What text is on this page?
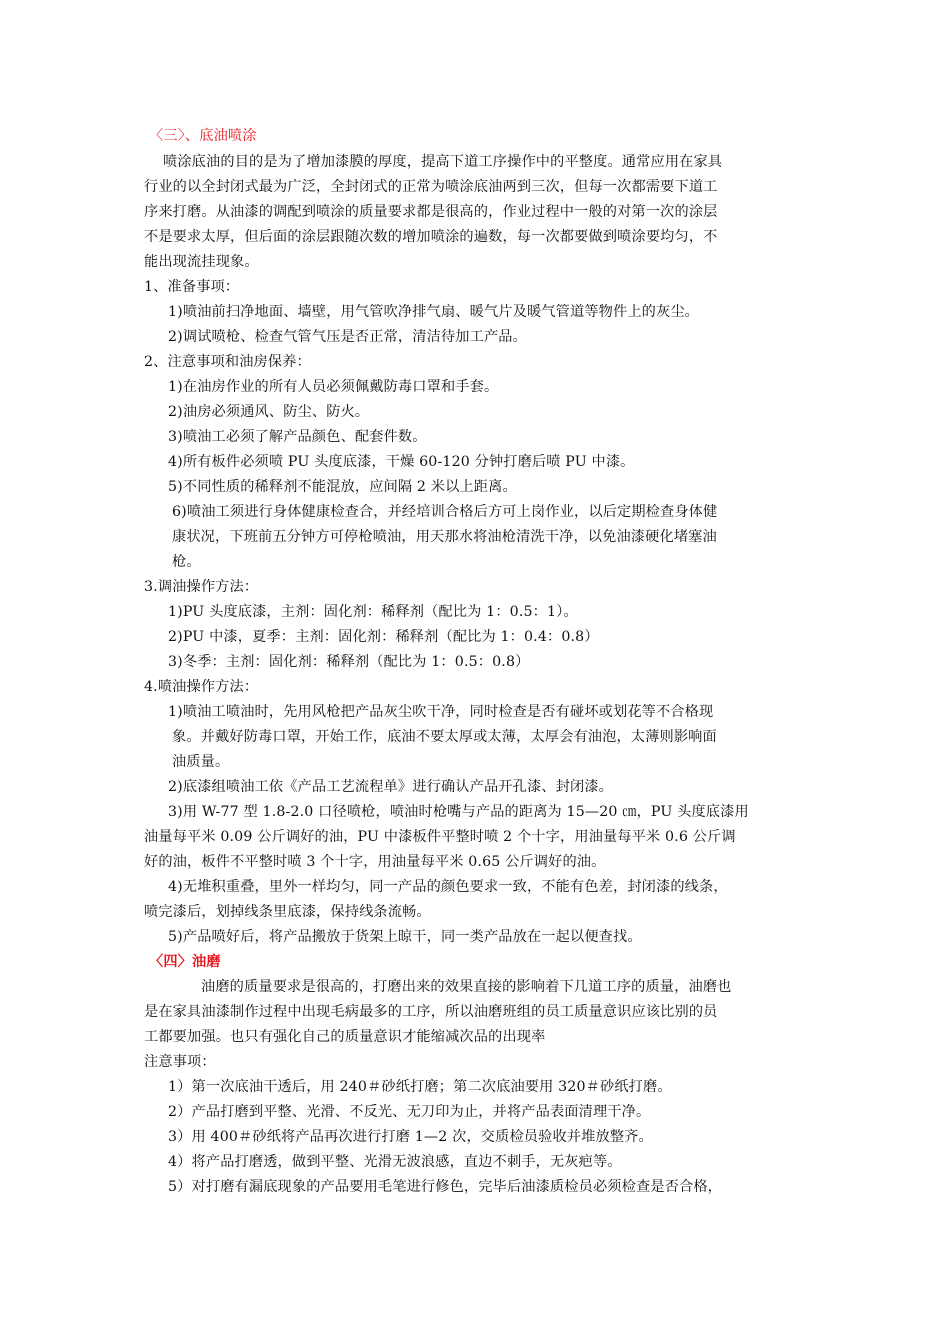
〈三〉、底油喷涂

喷涂底油的目的是为了增加漆膜的厚度，提高下道工序操作中的平整度。通常应用在家具

行业的以全封闭式最为广泛，全封闭式的正常为喷涂底油两到三次，但每一次都需要下道工

序来打磨。从油漆的调配到喷涂的质量要求都是很高的，作业过程中一般的对第一次的涂层

不是要求太厚，但后面的涂层跟随次数的增加喷涂的遍数，每一次都要做到喷涂要均匀，不

能出现流挂现象。

1、准备事项：

1)喷油前扫净地面、墙壁，用气管吹净排气扇、暖气片及暖气管道等物件上的灰尘。

2)调试喷枪、检查气管气压是否正常，清洁待加工产品。

2、注意事项和油房保养：

1)在油房作业的所有人员必须佩戴防毒口罩和手套。

2)油房必须通风、防尘、防火。

3)喷油工必须了解产品颜色、配套件数。

4)所有板件必须喷 PU 头度底漆，干燥 60-120 分钟打磨后喷 PU 中漆。

5)不同性质的稀释剂不能混放，应间隔 2 米以上距离。

6)喷油工须进行身体健康检查合，并经培训合格后方可上岗作业，以后定期检查身体健

康状况，下班前五分钟方可停枪喷油，用天那水将油枪清洗干净，以免油漆硬化堵塞油

枪。

3.调油操作方法：

1)PU 头度底漆，主剂：固化剂：稀释剂（配比为 1：0.5：1）。

2)PU 中漆，夏季：主剂：固化剂：稀释剂（配比为 1：0.4：0.8）

3)冬季：主剂：固化剂：稀释剂（配比为 1：0.5：0.8）

4.喷油操作方法：

1)喷油工喷油时，先用风枪把产品灰尘吹干净，同时检查是否有碰坏或划花等不合格现

象。并戴好防毒口罩，开始工作，底油不要太厚或太薄，太厚会有油泡，太薄则影响面

油质量。

2)底漆组喷油工依《产品工艺流程单》进行确认产品开孔漆、封闭漆。

3)用 W-77 型 1.8-2.0 口径喷枪，喷油时枪嘴与产品的距离为 15—20 ㎝，PU 头度底漆用

油量每平米 0.09 公斤调好的油，PU 中漆板件平整时喷 2 个十字，用油量每平米 0.6 公斤调

好的油，板件不平整时喷 3 个十字，用油量每平米 0.65 公斤调好的油。

4)无堆积重叠，里外一样均匀，同一产品的颜色要求一致，不能有色差，封闭漆的线条，

喷完漆后，划掉线条里底漆，保持线条流畅。

5)产品喷好后，将产品搬放于货架上晾干，同一类产品放在一起以便查找。

〈四〉油磨

油磨的质量要求是很高的，打磨出来的效果直接的影响着下几道工序的质量，油磨也

是在家具油漆制作过程中出现毛病最多的工序，所以油磨班组的员工质量意识应该比别的员

工都要加强。也只有强化自己的质量意识才能缩减次品的出现率

注意事项：

1）第一次底油干透后，用 240＃砂纸打磨；第二次底油要用 320＃砂纸打磨。

2）产品打磨到平整、光滑、不反光、无刀印为止，并将产品表面清理干净。

3）用 400＃砂纸将产品再次进行打磨 1—2 次，交质检员验收并堆放整齐。

4）将产品打磨透，做到平整、光滑无波浪感，直边不刺手，无灰疤等。

5）对打磨有漏底现象的产品要用毛笔进行修色，完毕后油漆质检员必须检查是否合格，
